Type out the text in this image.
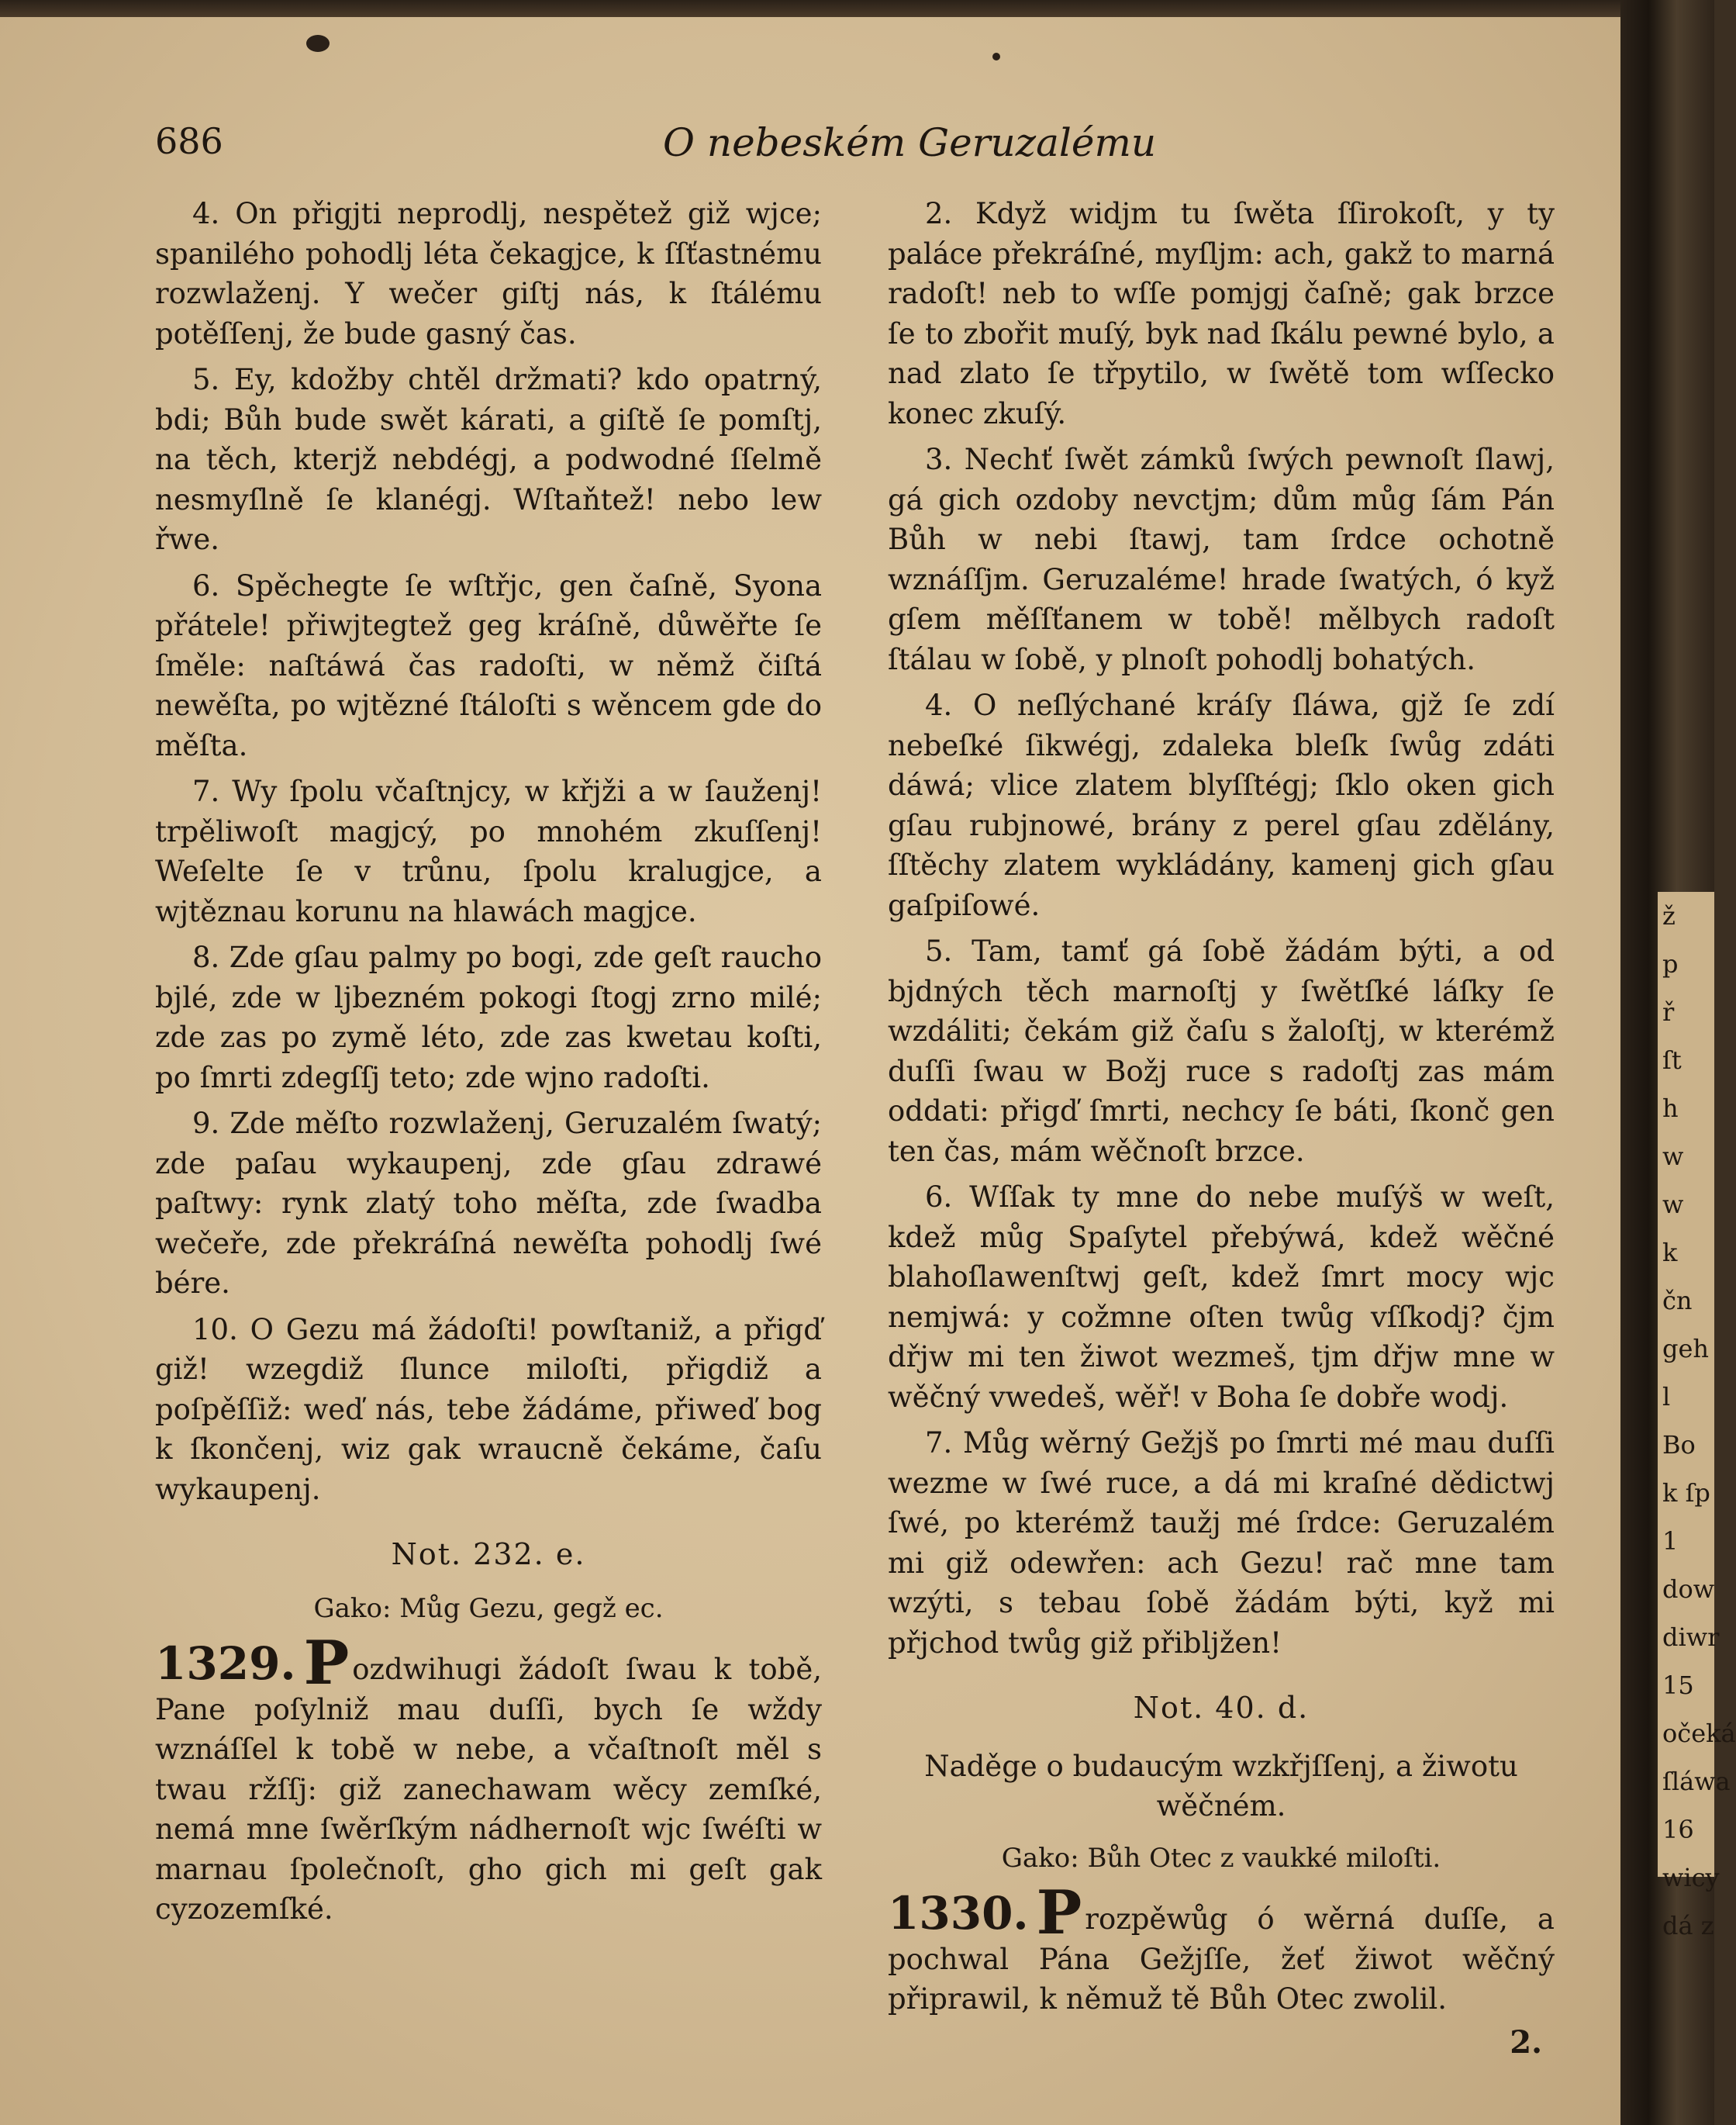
ž
p
ř
ſt
h
w
w
k
čn
geh
l
Bo
k ſp
1
dow
diwr
15
očeká
ſláwa
16
wicy
dá z
686	O nebeském Geruzalému

4. On přigjti neprodlj, nespětež giž wjce; spanilého pohodlj léta čekagjce, k ſſťastnému rozwlaženj. Y wečer giſtj nás, k ſtálému potěſſenj, že bude gasný čas.

5. Ey, kdožby chtěl držmati? kdo opatrný, bdi; Bůh bude swět kárati, a giſtě ſe pomſtj, na těch, kterjž nebdégj, a podwodné ſſelmě nesmyſlně ſe klanégj. Wſtaňtež! nebo lew řwe.

6. Spěchegte ſe wſtřjc, gen čaſně, Syona přátele! přiwjtegtež geg kráſně, důwěřte ſe ſměle: naſtáwá čas radoſti, w němž čiſtá newěſta, po wjtězné ſtáloſti s wěncem gde do měſta.

7. Wy ſpolu včaſtnjcy, w křjži a w ſauženj! trpěliwoſt magjcý, po mnohém zkuſſenj! Weſelte ſe v trůnu, ſpolu kralugjce, a wjtěznau korunu na hlawách magjce.

8. Zde gſau palmy po bogi, zde geſt raucho bjlé, zde w ljbezném pokogi ſtogj zrno milé; zde zas po zymě léto, zde zas kwetau koſti, po ſmrti zdegſſj teto; zde wjno radoſti.

9. Zde měſto rozwlaženj, Geruzalém ſwatý; zde paſau wykaupenj, zde gſau zdrawé paſtwy: rynk zlatý toho měſta, zde ſwadba wečeře, zde překráſná newěſta pohodlj ſwé bére.

10. O Gezu má žádoſti! powſtaniž, a přigď giž! wzegdiž ſlunce miloſti, přigdiž a poſpěſſiž: weď nás, tebe žádáme, přiweď bog k ſkončenj, wiz gak wraucně čekáme, čaſu wykaupenj.

Not. 232. e.
Gako: Můg Gezu, gegž ec.

1329. P ozdwihugi žádoſt ſwau k tobě, Pane poſylniž mau duſſi, bych ſe wždy wznáſſel k tobě w nebe, a včaſtnoſt měl s twau ržſſj: giž zanechawam wěcy zemſké, nemá mne ſwěrſkým nádhernoſt wjc ſwéſti w marnau ſpolečnoſt, gho gich mi geſt gak cyzozemſké.

2. Když widjm tu ſwěta ſſirokoſt, y ty paláce překráſné, myſljm: ach, gakž to marná radoſt! neb to wſſe pomjgj čaſně; gak brzce ſe to zbořit muſý, byk nad ſkálu pewné bylo, a nad zlato ſe třpytilo, w ſwětě tom wſſecko konec zkuſý.

3. Nechť ſwět zámků ſwých pewnoſt ſlawj, gá gich ozdoby nevctjm; dům můg ſám Pán Bůh w nebi ſtawj, tam ſrdce ochotně wznáſſjm. Geruzaléme! hrade ſwatých, ó kyž gſem měſſťanem w tobě! mělbych radoſt ſtálau w ſobě, y plnoſt pohodlj bohatých.

4. O neſlýchané kráſy ſláwa, gjž ſe zdí nebeſké ſikwégj, zdaleka bleſk ſwůg zdáti dáwá; vlice zlatem blyſſtégj; ſklo oken gich gſau rubjnowé, brány z perel gſau zdělány, ſſtěchy zlatem wykládány, kamenj gich gſau gaſpiſowé.

5. Tam, tamť gá ſobě žádám býti, a od bjdných těch marnoſtj y ſwětſké láſky ſe wzdáliti; čekám giž čaſu s žaloſtj, w kterémž duſſi ſwau w Božj ruce s radoſtj zas mám oddati: přigď ſmrti, nechcy ſe báti, ſkonč gen ten čas, mám wěčnoſt brzce.

6. Wſſak ty mne do nebe muſýš w weſt, kdež můg Spaſytel přebýwá, kdež wěčné blahoſlawenſtwj geſt, kdež ſmrt mocy wjc nemjwá: y cožmne oſten twůg vſſkodj? čjm dřjw mi ten žiwot wezmeš, tjm dřjw mne w wěčný vwedeš, wěř! v Boha ſe dobře wodj.

7. Můg wěrný Gežjš po ſmrti mé mau duſſi wezme w ſwé ruce, a dá mi kraſné dědictwj ſwé, po kterémž taužj mé ſrdce: Geruzalém mi giž odewřen: ach Gezu! rač mne tam wzýti, s tebau ſobě žádám býti, kyž mi přjchod twůg giž přibljžen!

Not. 40. d.
Naděge o budaucým wzkřjſſenj, a žiwotu wěčném.
Gako: Bůh Otec z vaukké miloſti.

1330. P rozpěwůg ó wěrná duſſe, a pochwal Pána Gežjſſe, žeť žiwot wěčný připrawil, k němuž tě Bůh Otec zwolil.

2.
